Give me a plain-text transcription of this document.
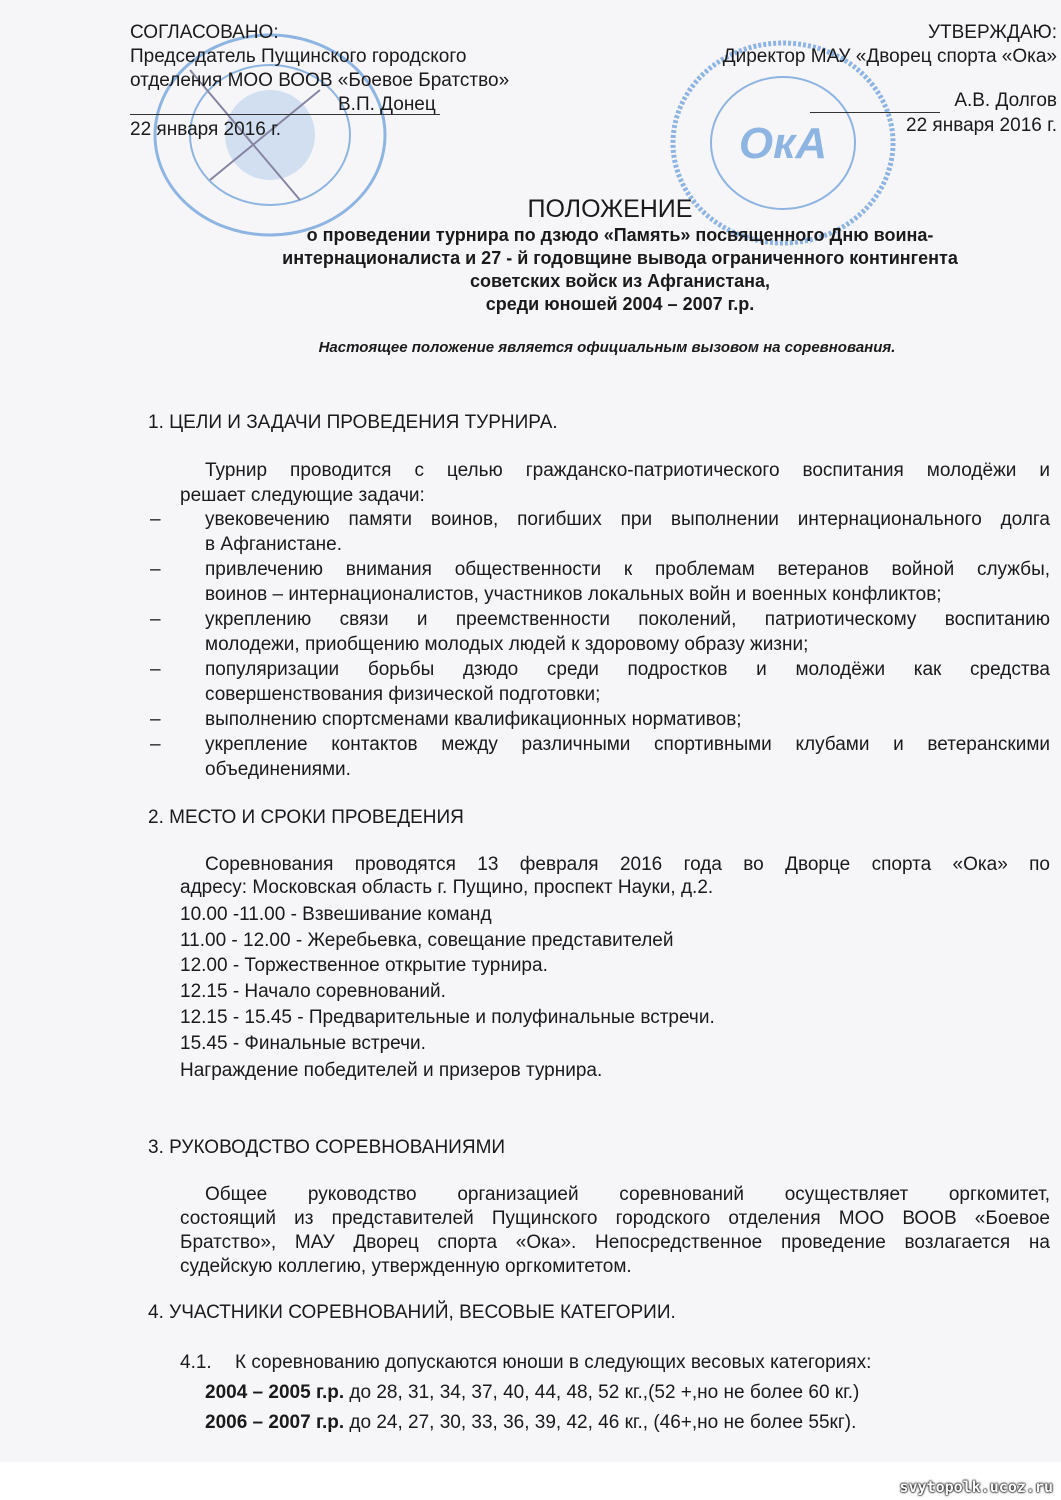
ОкА
СОГЛАСОВАНО:
Председатель Пущинского городского
отделения МОО ВООВ «Боевое Братство»
В.П. Донец
22 января 2016 г.
УТВЕРЖДАЮ:
Директор МАУ «Дворец спорта «Ока»
А.В. Долгов
22 января 2016 г.
ПОЛОЖЕНИЕ
о проведении турнира по дзюдо «Память» посвященного Дню воина-
интернационалиста и 27 - й годовщине вывода ограниченного контингента
советских войск из Афганистана,
среди юношей 2004 – 2007 г.р.
Настоящее положение является официальным вызовом на соревнования.
1. ЦЕЛИ И ЗАДАЧИ ПРОВЕДЕНИЯ ТУРНИРА.
Турнир проводится с целью гражданско-патриотического воспитания молодёжи и
решает следующие задачи:
– увековечению памяти воинов, погибших при выполнении интернационального долга
в Афганистане.
– привлечению внимания общественности к проблемам ветеранов войной службы,
воинов – интернационалистов, участников локальных войн и военных конфликтов;
– укреплению связи и преемственности поколений, патриотическому воспитанию
молодежи, приобщению молодых людей к здоровому образу жизни;
– популяризации борьбы дзюдо среди подростков и молодёжи как средства
совершенствования физической подготовки;
– выполнению спортсменами квалификационных нормативов;
– укрепление контактов между различными спортивными клубами и ветеранскими
объединениями.
2. МЕСТО И СРОКИ ПРОВЕДЕНИЯ
Соревнования проводятся 13 февраля 2016 года во Дворце спорта «Ока» по
адресу: Московская область г. Пущино, проспект Науки, д.2.
10.00 -11.00 - Взвешивание команд
11.00 - 12.00 - Жеребьевка, совещание представителей
12.00 - Торжественное открытие турнира.
12.15 - Начало соревнований.
12.15 - 15.45 - Предварительные и полуфинальные встречи.
15.45 - Финальные встречи.
Награждение победителей и призеров турнира.
3. РУКОВОДСТВО СОРЕВНОВАНИЯМИ
Общее руководство организацией соревнований осуществляет оргкомитет,
состоящий из представителей Пущинского городского отделения МОО ВООВ «Боевое
Братство», МАУ Дворец спорта «Ока». Непосредственное проведение возлагается на
судейскую коллегию, утвержденную оргкомитетом.
4. УЧАСТНИКИ СОРЕВНОВАНИЙ, ВЕСОВЫЕ КАТЕГОРИИ.
4.1. К соревнованию допускаются юноши в следующих весовых категориях:
2004 – 2005 г.р. до 28, 31, 34, 37, 40, 44, 48, 52 кг.,(52 +,но не более 60 кг.)
2006 – 2007 г.р. до 24, 27, 30, 33, 36, 39, 42, 46 кг., (46+,но не более 55кг).
svytopolk.ucoz.ru
